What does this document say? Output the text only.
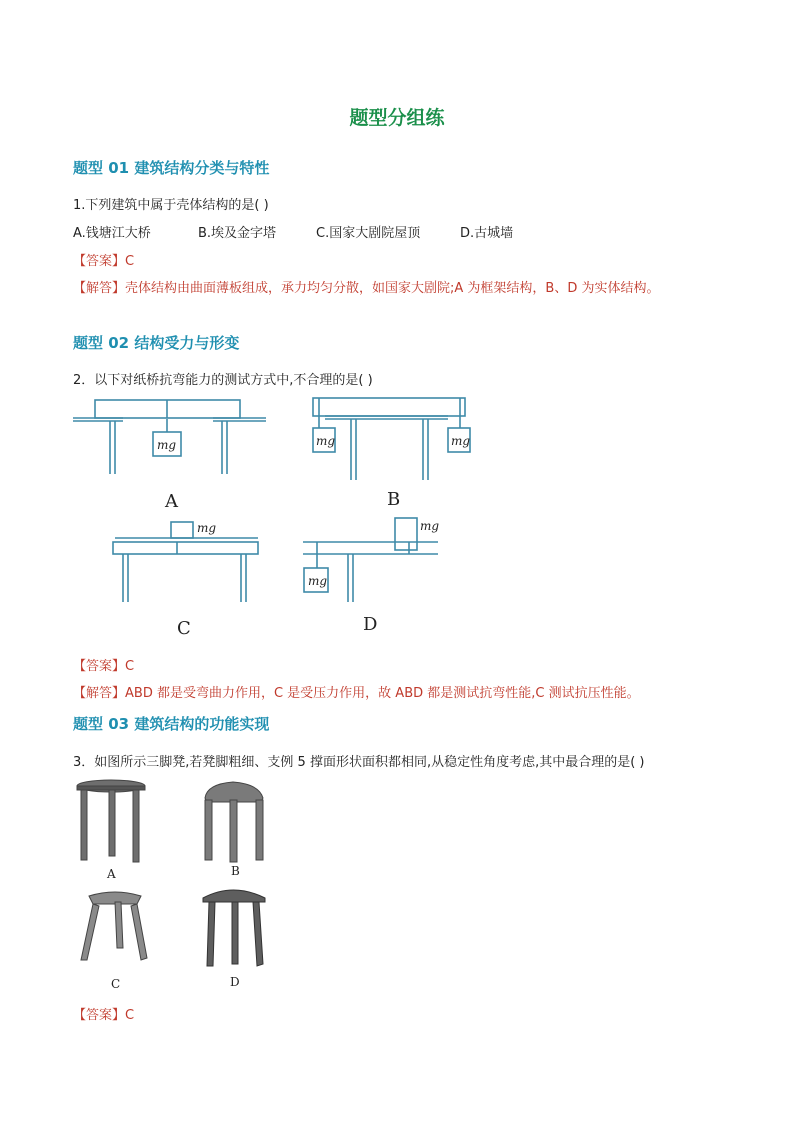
题型分组练
题型 01 建筑结构分类与特性
1.下列建筑中属于壳体结构的是( )
A.钱塘江大桥	B.埃及金字塔	C.国家大剧院屋顶	D.古城墙
【答案】C
【解答】壳体结构由曲面薄板组成，承力均匀分散，如国家大剧院;A 为框架结构，B、D 为实体结构。
题型 02 结构受力与形变
2．以下对纸桥抗弯能力的测试方式中,不合理的是( )
mg	mg	mg
mg	mg
mg
A	B
C	D
【答案】C
【解答】ABD 都是受弯曲力作用，C 是受压力作用，故 ABD 都是测试抗弯性能,C 测试抗压性能。
题型 03 建筑结构的功能实现
3．如图所示三脚凳,若凳脚粗细、支例 5 撑面形状面积都相同,从稳定性角度考虑,其中最合理的是( )
A	B
C	D
【答案】C
